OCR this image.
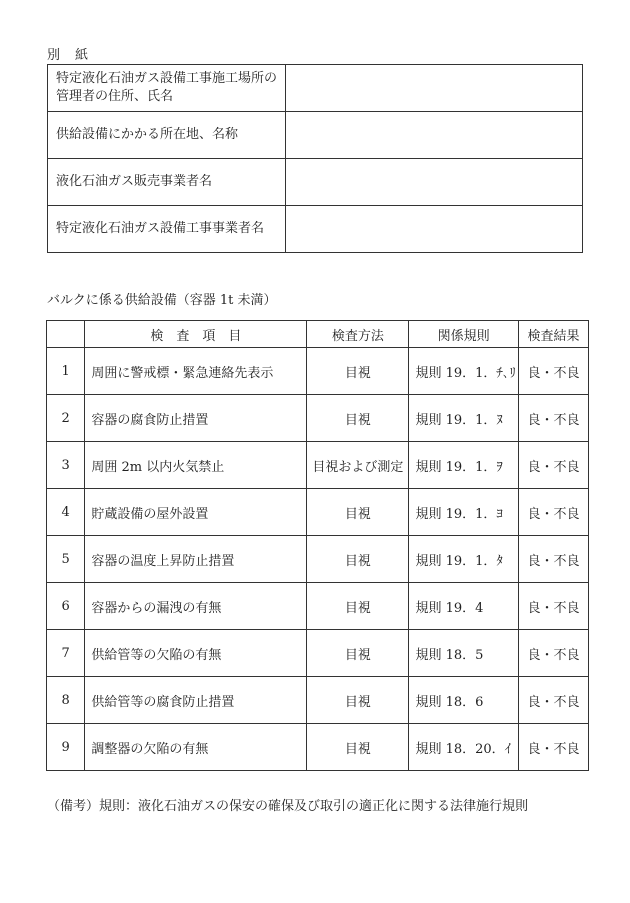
別　紙
特定液化石油ガス設備工事施工場所の管理者の住所、氏名	
供給設備にかかる所在地、名称	
液化石油ガス販売事業者名	
特定液化石油ガス設備工事事業者名	
バルクに係る供給設備（容器 1t 未満）
	検　査　項　目	検査方法	関係規則	検査結果
1	周囲に警戒標・緊急連絡先表示	目視	規則 19．1．ﾁ､ﾘ	良・不良
2	容器の腐食防止措置	目視	規則 19．1．ﾇ	良・不良
3	周囲 2m 以内火気禁止	目視および測定	規則 19．1．ｦ	良・不良
4	貯蔵設備の屋外設置	目視	規則 19．1．ﾖ	良・不良
5	容器の温度上昇防止措置	目視	規則 19．1．ﾀ	良・不良
6	容器からの漏洩の有無	目視	規則 19．4	良・不良
7	供給管等の欠陥の有無	目視	規則 18．5	良・不良
8	供給管等の腐食防止措置	目視	規則 18．6	良・不良
9	調整器の欠陥の有無	目視	規則 18．20．ｲ	良・不良
（備考）規則：液化石油ガスの保安の確保及び取引の適正化に関する法律施行規則
